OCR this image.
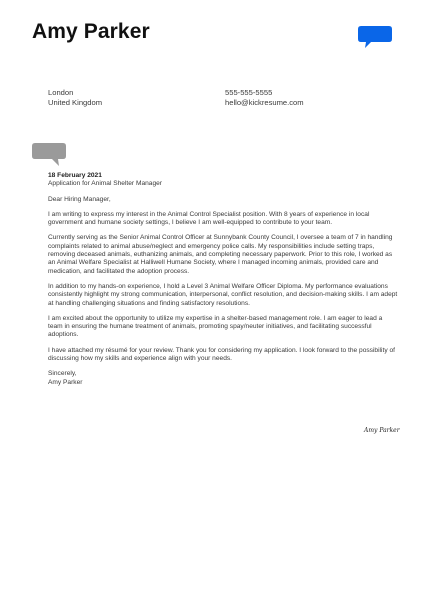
Amy Parker
London
United Kingdom
555-555-5555
hello@kickresume.com
18 February 2021
Application for Animal Shelter Manager

Dear Hiring Manager,

I am writing to express my interest in the Animal Control Specialist position. With 8 years of experience in local government and humane society settings, I believe I am well-equipped to contribute to your team.

Currently serving as the Senior Animal Control Officer at Sunnybank County Council, I oversee a team of 7 in handling complaints related to animal abuse/neglect and emergency police calls. My responsibilities include setting traps, removing deceased animals, euthanizing animals, and completing necessary paperwork. Prior to this role, I worked as an Animal Welfare Specialist at Halliwell Humane Society, where I managed incoming animals, provided care and medication, and facilitated the adoption process.

In addition to my hands-on experience, I hold a Level 3 Animal Welfare Officer Diploma. My performance evaluations consistently highlight my strong communication, interpersonal, conflict resolution, and decision-making skills. I am adept at handling challenging situations and finding satisfactory resolutions.

I am excited about the opportunity to utilize my expertise in a shelter-based management role. I am eager to lead a team in ensuring the humane treatment of animals, promoting spay/neuter initiatives, and facilitating successful adoptions.

I have attached my résumé for your review. Thank you for considering my application. I look forward to the possibility of discussing how my skills and experience align with your needs.

Sincerely,
Amy Parker
Amy Parker
